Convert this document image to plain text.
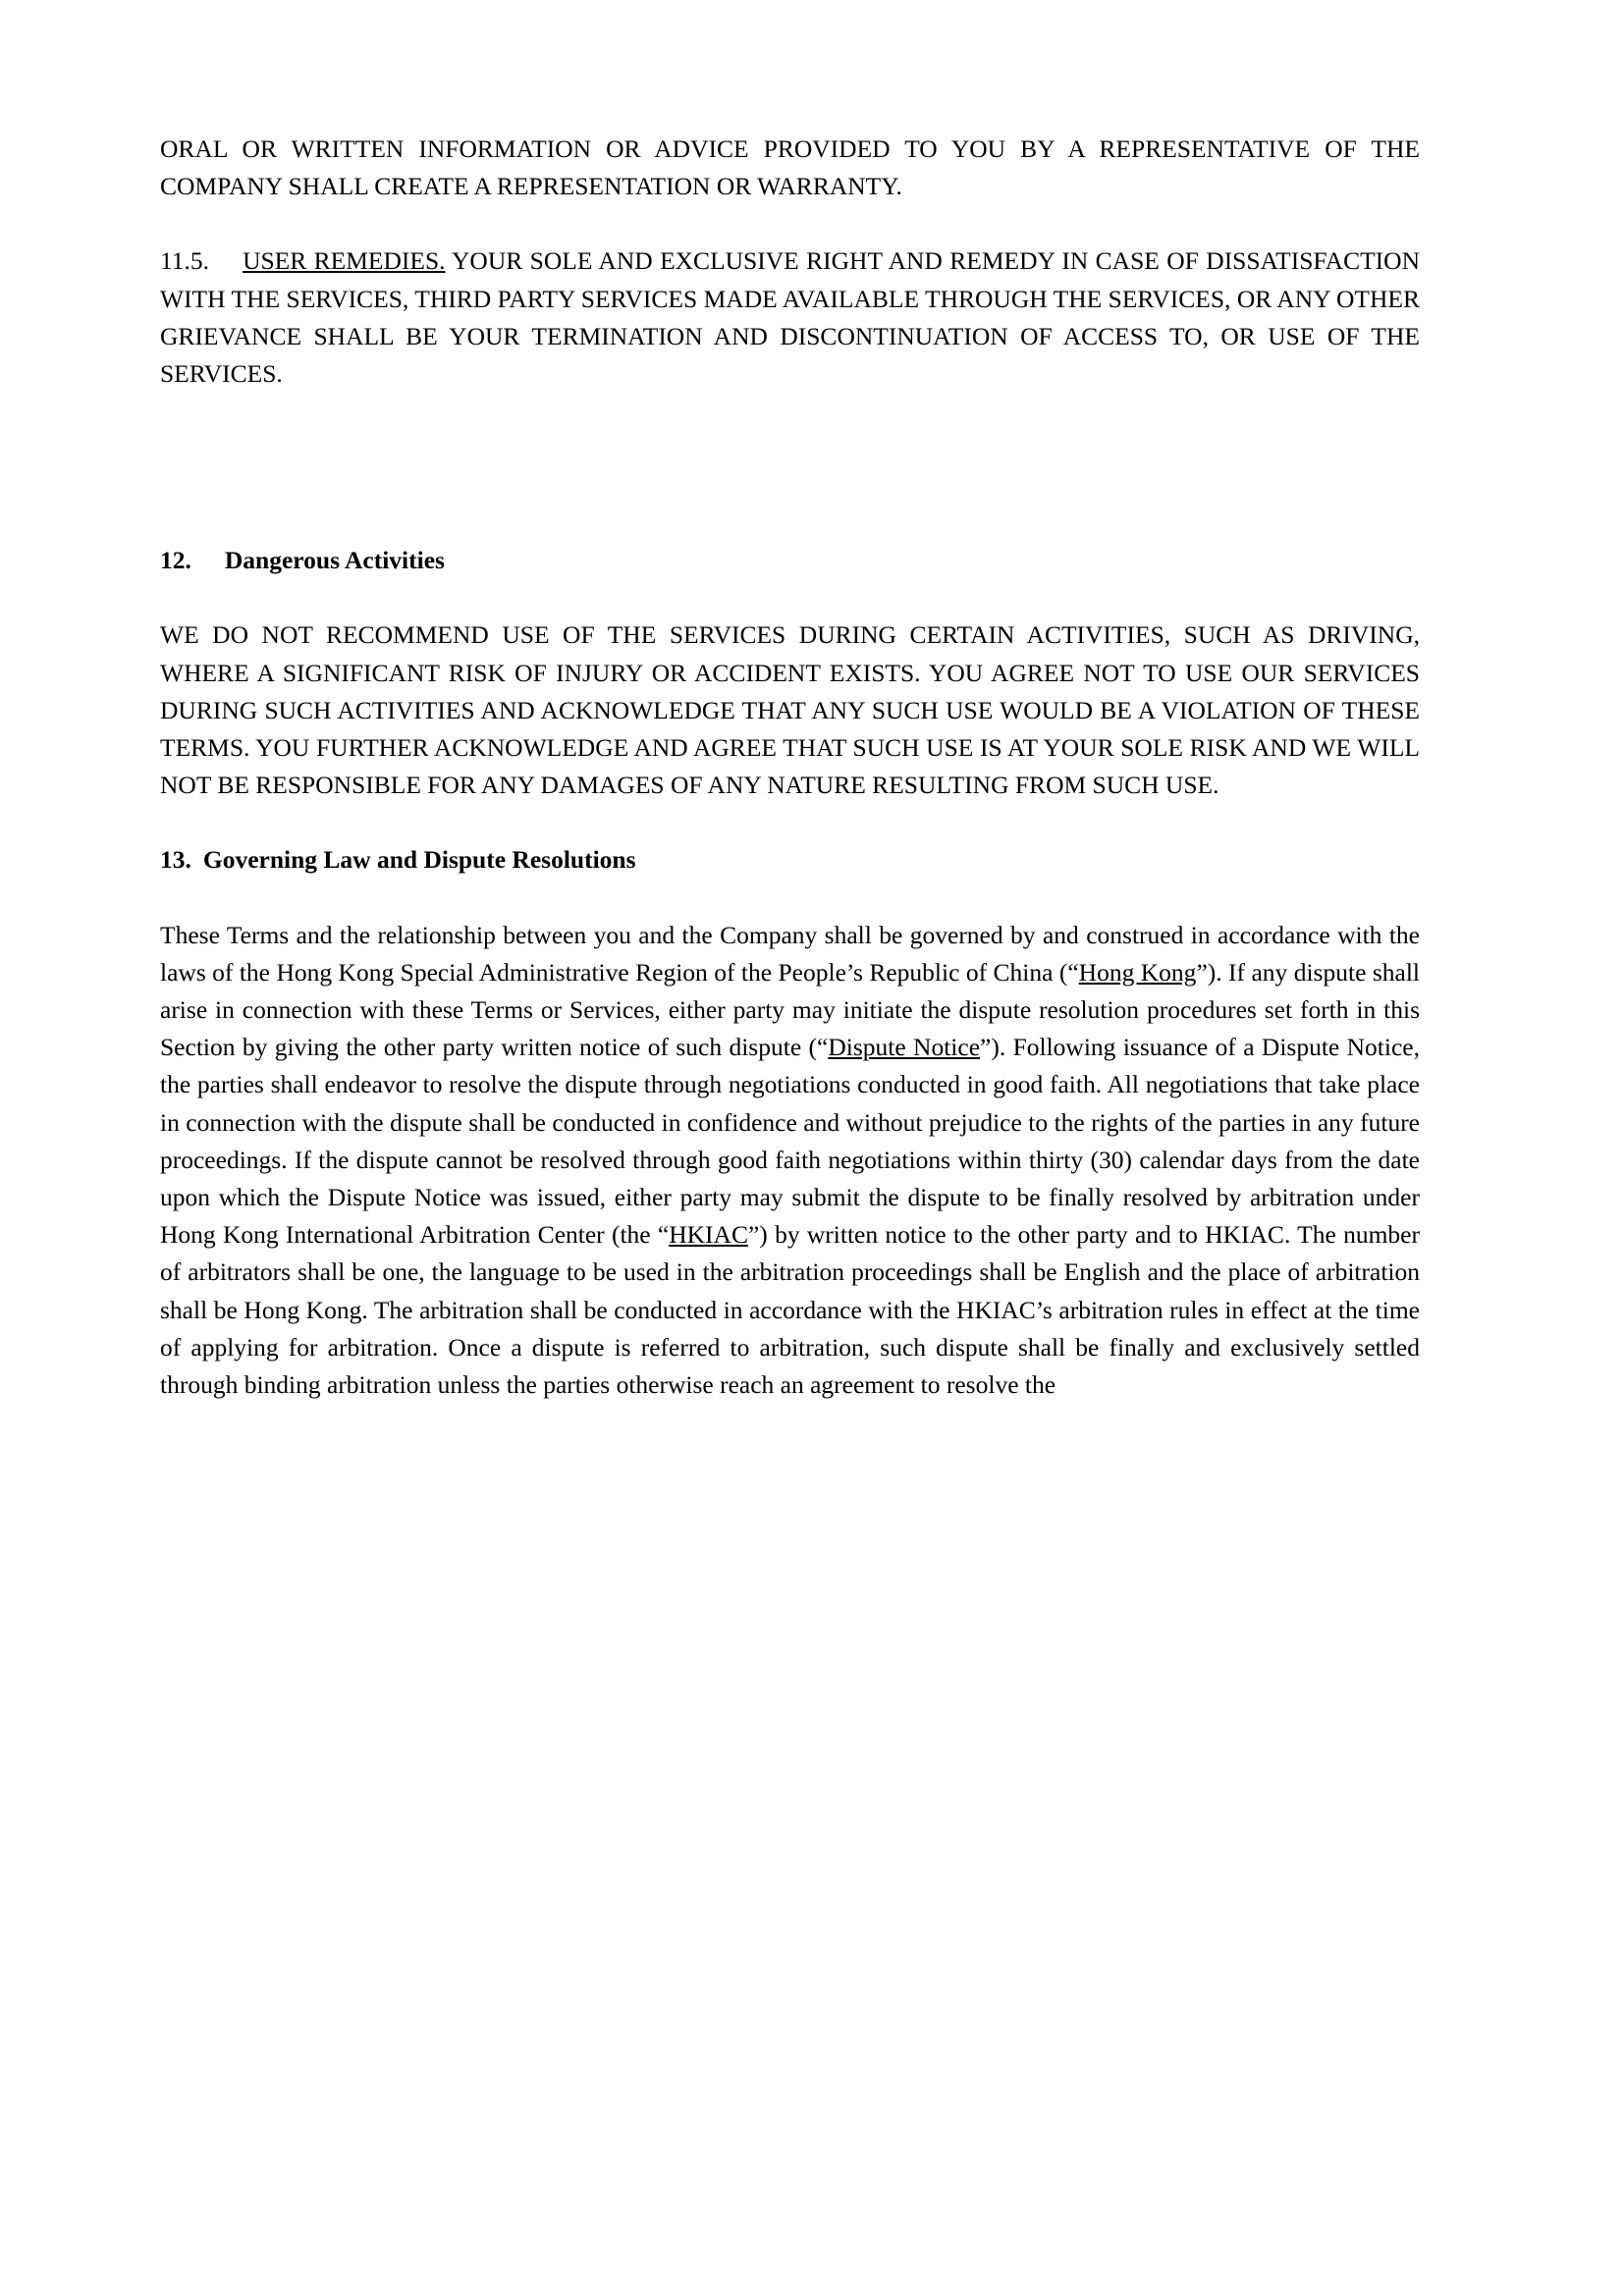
ORAL OR WRITTEN INFORMATION OR ADVICE PROVIDED TO YOU BY A REPRESENTATIVE OF THE COMPANY SHALL CREATE A REPRESENTATION OR WARRANTY.

11.5. USER REMEDIES. YOUR SOLE AND EXCLUSIVE RIGHT AND REMEDY IN CASE OF DISSATISFACTION WITH THE SERVICES, THIRD PARTY SERVICES MADE AVAILABLE THROUGH THE SERVICES, OR ANY OTHER GRIEVANCE SHALL BE YOUR TERMINATION AND DISCONTINUATION OF ACCESS TO, OR USE OF THE SERVICES.

12. Dangerous Activities

WE DO NOT RECOMMEND USE OF THE SERVICES DURING CERTAIN ACTIVITIES, SUCH AS DRIVING, WHERE A SIGNIFICANT RISK OF INJURY OR ACCIDENT EXISTS. YOU AGREE NOT TO USE OUR SERVICES DURING SUCH ACTIVITIES AND ACKNOWLEDGE THAT ANY SUCH USE WOULD BE A VIOLATION OF THESE TERMS. YOU FURTHER ACKNOWLEDGE AND AGREE THAT SUCH USE IS AT YOUR SOLE RISK AND WE WILL NOT BE RESPONSIBLE FOR ANY DAMAGES OF ANY NATURE RESULTING FROM SUCH USE.

13. Governing Law and Dispute Resolutions

These Terms and the relationship between you and the Company shall be governed by and construed in accordance with the laws of the Hong Kong Special Administrative Region of the People’s Republic of China (“Hong Kong”). If any dispute shall arise in connection with these Terms or Services, either party may initiate the dispute resolution procedures set forth in this Section by giving the other party written notice of such dispute (“Dispute Notice”). Following issuance of a Dispute Notice, the parties shall endeavor to resolve the dispute through negotiations conducted in good faith. All negotiations that take place in connection with the dispute shall be conducted in confidence and without prejudice to the rights of the parties in any future proceedings. If the dispute cannot be resolved through good faith negotiations within thirty (30) calendar days from the date upon which the Dispute Notice was issued, either party may submit the dispute to be finally resolved by arbitration under Hong Kong International Arbitration Center (the “HKIAC”) by written notice to the other party and to HKIAC. The number of arbitrators shall be one, the language to be used in the arbitration proceedings shall be English and the place of arbitration shall be Hong Kong. The arbitration shall be conducted in accordance with the HKIAC’s arbitration rules in effect at the time of applying for arbitration. Once a dispute is referred to arbitration, such dispute shall be finally and exclusively settled through binding arbitration unless the parties otherwise reach an agreement to resolve the
